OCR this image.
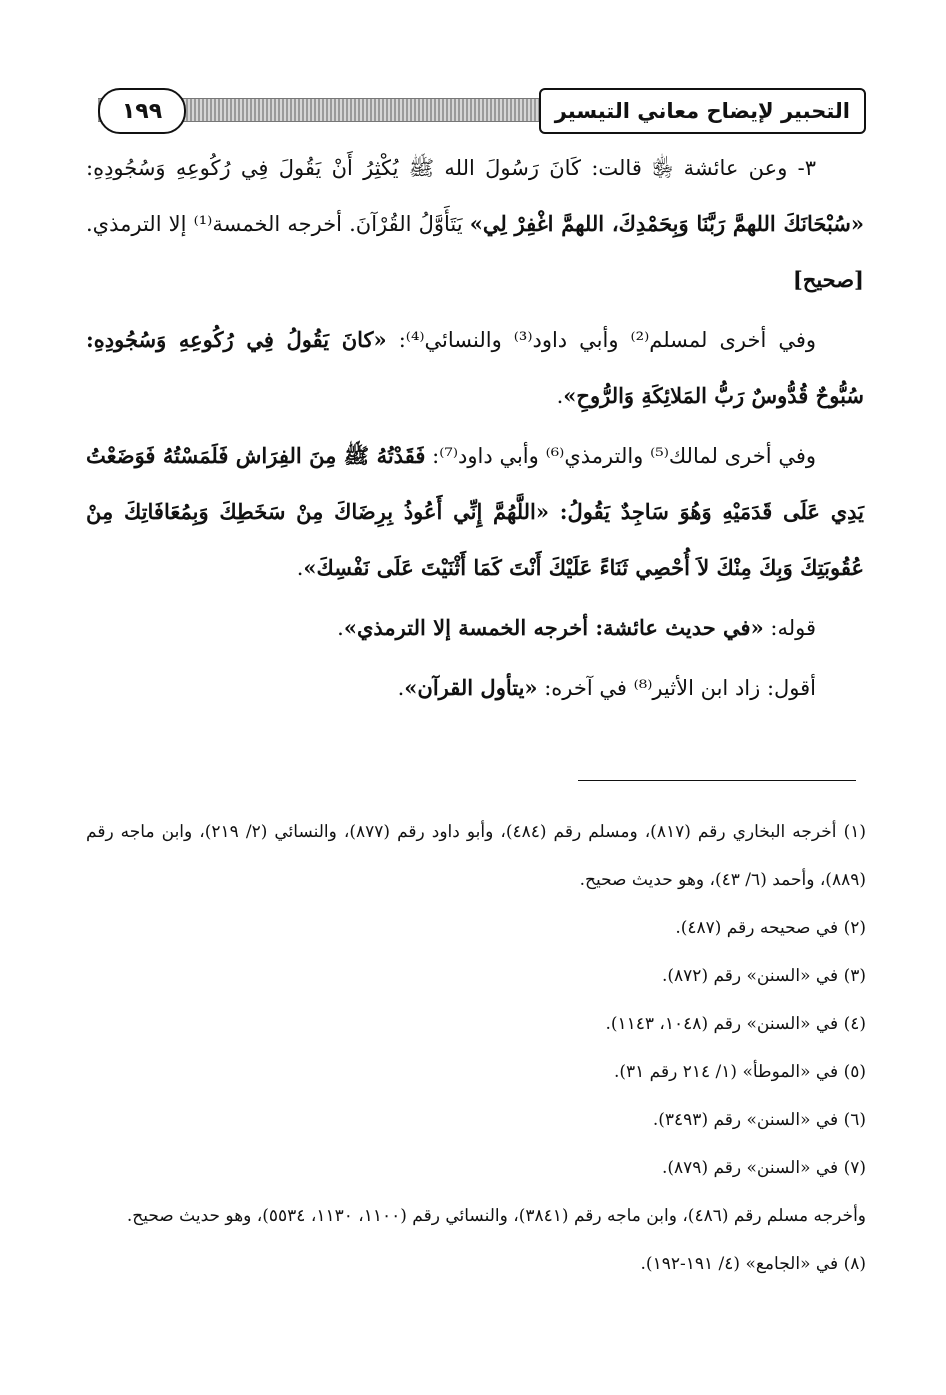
١٩٩	التحبير لإيضاح معاني التيسير

٣- وعن عائشة ﵂ قالت: كَانَ رَسُولَ الله ﷺ يُكْثِرُ أَنْ يَقُولَ فِي رُكُوعِهِ وَسُجُودِهِ: «سُبْحَانَكَ اللهمَّ رَبَّنَا وَبِحَمْدِكَ، اللهمَّ اغْفِرْ لِي» يَتَأَوَّلُ القُرْآنَ. أخرجه الخمسة⁽¹⁾ إلا الترمذي. [صحيح]

وفي أخرى لمسلم⁽²⁾ وأبي داود⁽³⁾ والنسائي⁽⁴⁾: «كانَ يَقُولُ فِي رُكُوعِهِ وَسُجُودِهِ: سُبُّوحٌ قُدُّوسٌ رَبُّ المَلائِكَةِ وَالرُّوحِ».

وفي أخرى لمالك⁽⁵⁾ والترمذي⁽⁶⁾ وأبي داود⁽⁷⁾: فَقَدْتُهُ ﷺ مِنَ الفِرَاش فَلَمَسْتُهُ فَوَضَعْتُ يَدِي عَلَى قَدَمَيْهِ وَهُوَ سَاجِدٌ يَقُولُ: «اللَّهُمَّ إِنِّي أَعُوذُ بِرِضَاكَ مِنْ سَخَطِكَ وَبِمُعَافَاتِكَ مِنْ عُقُوبَتِكَ وَبِكَ مِنْكَ لاَ أُحْصِي ثَنَاءً عَلَيْكَ أَنْتَ كَمَا أَثْنَيْتَ عَلَى نَفْسِكَ».

قوله: «في حديث عائشة: أخرجه الخمسة إلا الترمذي».

أقول: زاد ابن الأثير⁽⁸⁾ في آخره: «يتأول القرآن».

(١) أخرجه البخاري رقم (٨١٧)، ومسلم رقم (٤٨٤)، وأبو داود رقم (٨٧٧)، والنسائي (٢/ ٢١٩)، وابن ماجه رقم (٨٨٩)، وأحمد (٦/ ٤٣)، وهو حديث صحيح.

(٢) في صحيحه رقم (٤٨٧).

(٣) في «السنن» رقم (٨٧٢).

(٤) في «السنن» رقم (١٠٤٨، ١١٤٣).

(٥) في «الموطأ» (١/ ٢١٤ رقم ٣١).

(٦) في «السنن» رقم (٣٤٩٣).

(٧) في «السنن» رقم (٨٧٩).

وأخرجه مسلم رقم (٤٨٦)، وابن ماجه رقم (٣٨٤١)، والنسائي رقم (١١٠٠، ١١٣٠، ٥٥٣٤)، وهو حديث صحيح.

(٨) في «الجامع» (٤/ ١٩١-١٩٢).
